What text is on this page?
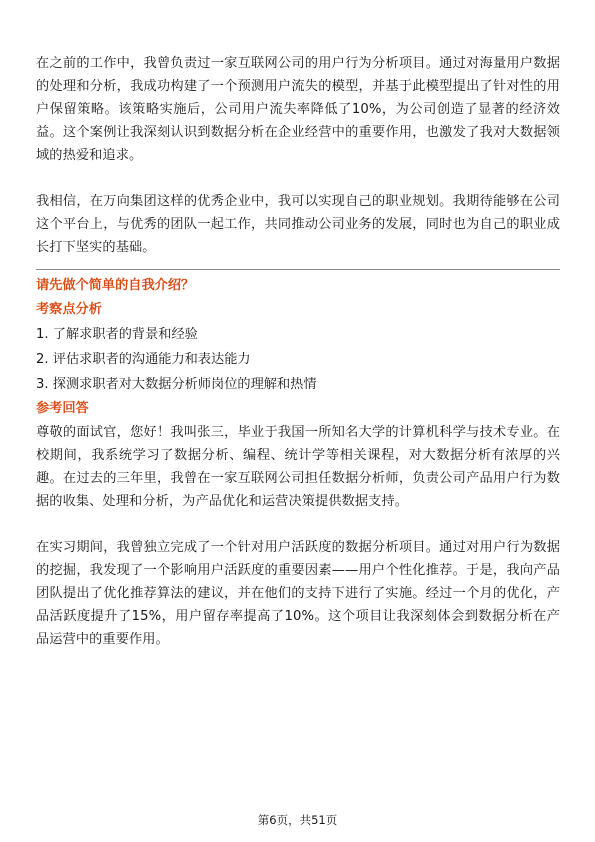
在之前的工作中，我曾负责过一家互联网公司的用户行为分析项目。通过对海量用户数据的处理和分析，我成功构建了一个预测用户流失的模型，并基于此模型提出了针对性的用户保留策略。该策略实施后，公司用户流失率降低了10%，为公司创造了显著的经济效益。这个案例让我深刻认识到数据分析在企业经营中的重要作用，也激发了我对大数据领域的热爱和追求。

我相信，在万向集团这样的优秀企业中，我可以实现自己的职业规划。我期待能够在公司这个平台上，与优秀的团队一起工作，共同推动公司业务的发展，同时也为自己的职业成长打下坚实的基础。

请先做个简单的自我介绍？

考察点分析

1. 了解求职者的背景和经验
2. 评估求职者的沟通能力和表达能力
3. 探测求职者对大数据分析师岗位的理解和热情

参考回答

尊敬的面试官，您好！我叫张三，毕业于我国一所知名大学的计算机科学与技术专业。在校期间，我系统学习了数据分析、编程、统计学等相关课程，对大数据分析有浓厚的兴趣。在过去的三年里，我曾在一家互联网公司担任数据分析师，负责公司产品用户行为数据的收集、处理和分析，为产品优化和运营决策提供数据支持。

在实习期间，我曾独立完成了一个针对用户活跃度的数据分析项目。通过对用户行为数据的挖掘，我发现了一个影响用户活跃度的重要因素——用户个性化推荐。于是，我向产品团队提出了优化推荐算法的建议，并在他们的支持下进行了实施。经过一个月的优化，产品活跃度提升了15%，用户留存率提高了10%。这个项目让我深刻体会到数据分析在产品运营中的重要作用。

第6页，共51页
